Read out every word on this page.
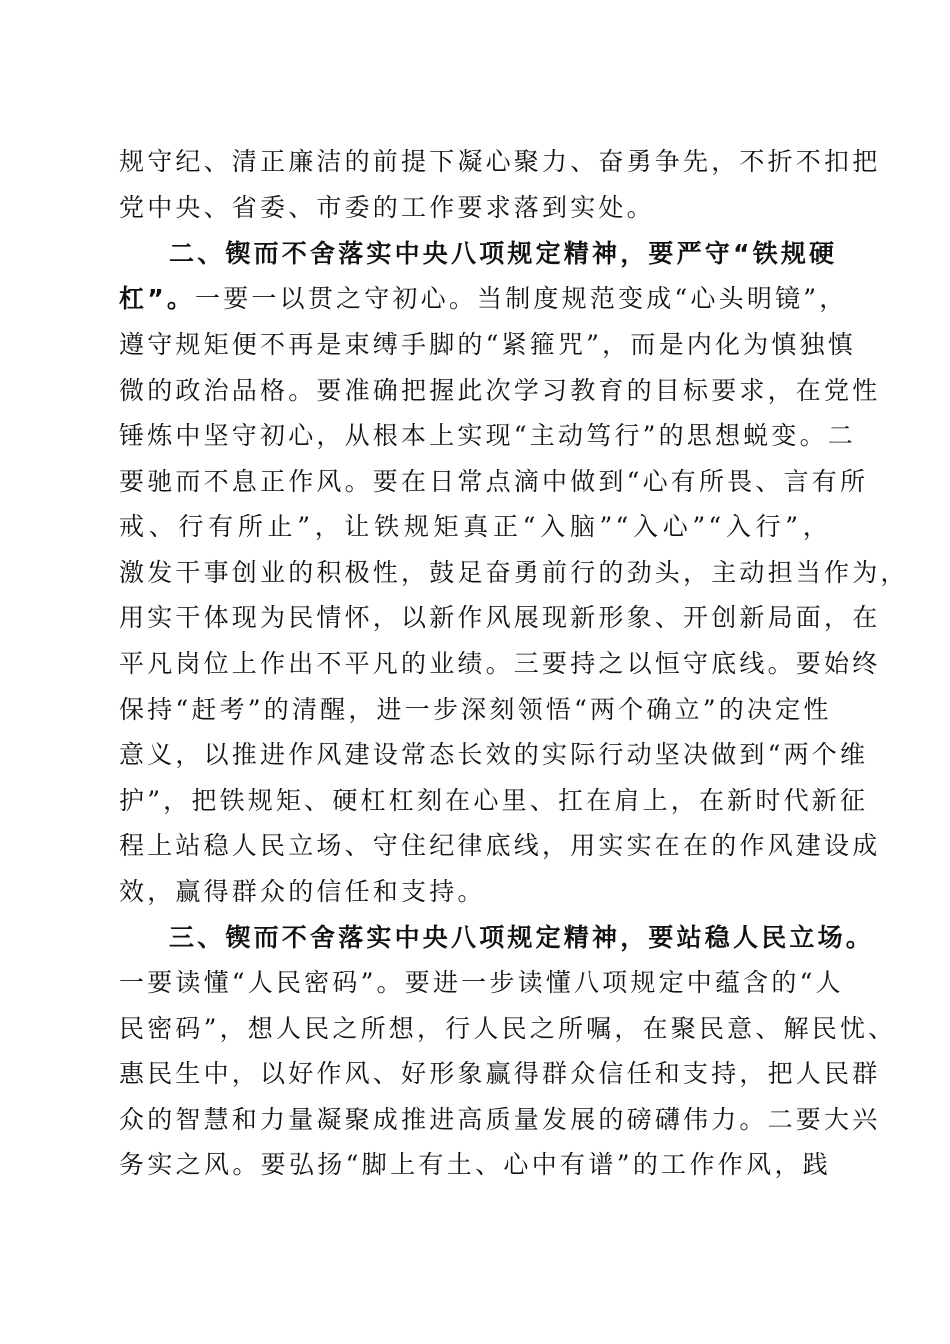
规守纪、清正廉洁的前提下凝心聚力、奋勇争先，不折不扣把
党中央、省委、市委的工作要求落到实处。
二、锲而不舍落实中央八项规定精神，要严守“铁规硬
杠”。一要一以贯之守初心。当制度规范变成“心头明镜”，
遵守规矩便不再是束缚手脚的“紧箍咒”，而是内化为慎独慎
微的政治品格。要准确把握此次学习教育的目标要求，在党性
锤炼中坚守初心，从根本上实现“主动笃行”的思想蜕变。二
要驰而不息正作风。要在日常点滴中做到“心有所畏、言有所
戒、行有所止”，让铁规矩真正“入脑”“入心”“入行”，
激发干事创业的积极性，鼓足奋勇前行的劲头，主动担当作为，
用实干体现为民情怀，以新作风展现新形象、开创新局面，在
平凡岗位上作出不平凡的业绩。三要持之以恒守底线。要始终
保持“赶考”的清醒，进一步深刻领悟“两个确立”的决定性
意义，以推进作风建设常态长效的实际行动坚决做到“两个维
护”，把铁规矩、硬杠杠刻在心里、扛在肩上，在新时代新征
程上站稳人民立场、守住纪律底线，用实实在在的作风建设成
效，赢得群众的信任和支持。
三、锲而不舍落实中央八项规定精神，要站稳人民立场。
一要读懂“人民密码”。要进一步读懂八项规定中蕴含的“人
民密码”，想人民之所想，行人民之所嘱，在聚民意、解民忧、
惠民生中，以好作风、好形象赢得群众信任和支持，把人民群
众的智慧和力量凝聚成推进高质量发展的磅礴伟力。二要大兴
务实之风。要弘扬“脚上有土、心中有谱”的工作作风，践
